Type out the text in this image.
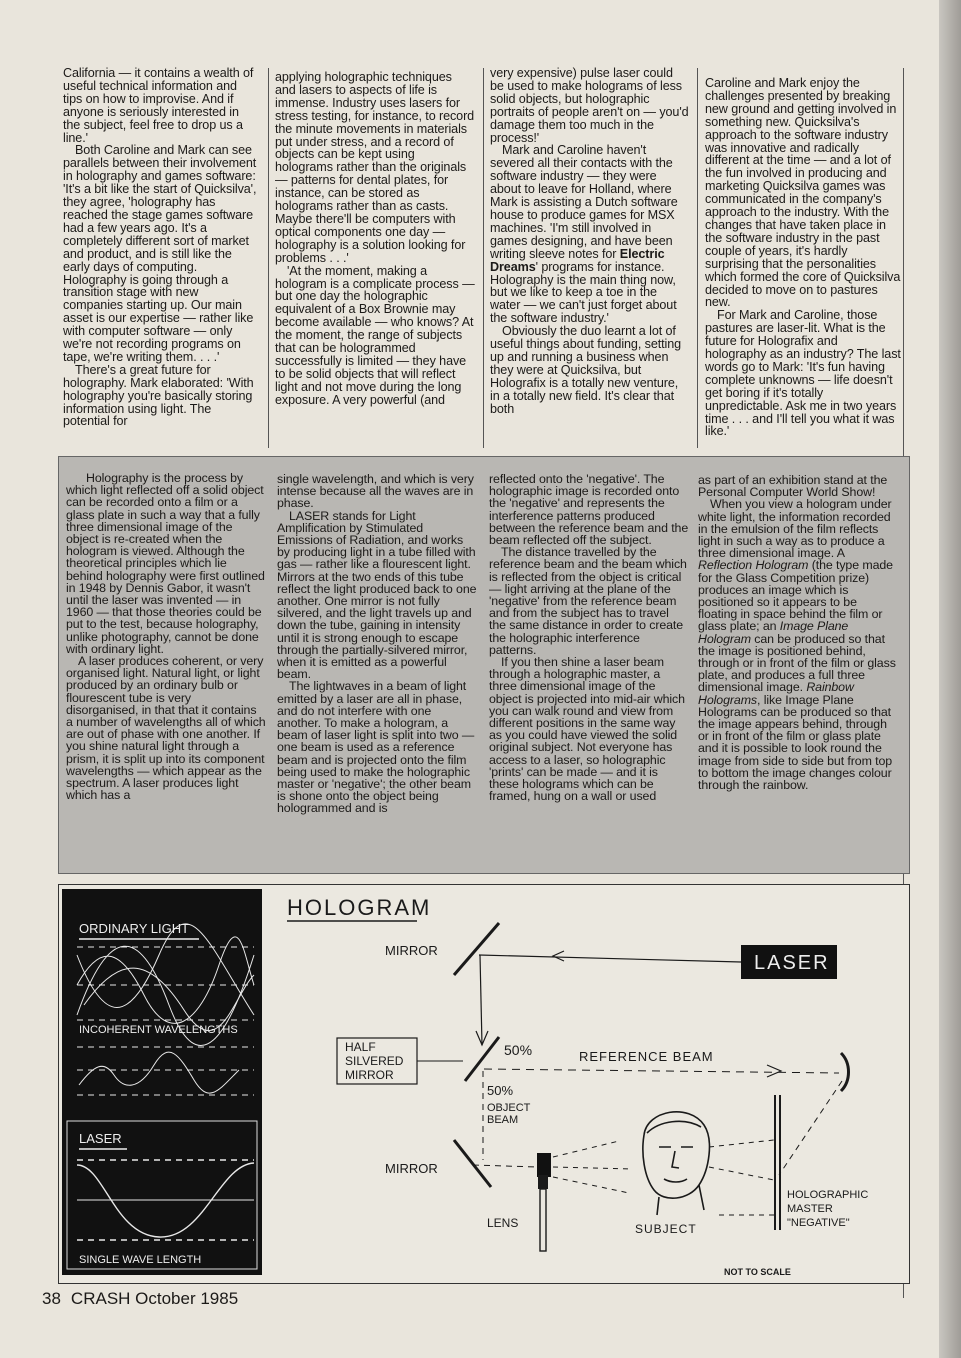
California — it contains a wealth of useful technical information and tips on how to improvise. And if anyone is seriously interested in the subject, feel free to drop us a line.'

Both Caroline and Mark can see parallels between their involvement in holography and games software: 'It's a bit like the start of Quicksilva', they agree, 'holography has reached the stage games software had a few years ago. It's a completely different sort of market and product, and is still like the early days of computing. Holography is going through a transition stage with new companies starting up. Our main asset is our expertise — rather like with computer software — only we're not recording programs on tape, we're writing them. . . .'

There's a great future for holography. Mark elaborated: 'With holography you're basically storing information using light. The potential for

applying holographic techniques and lasers to aspects of life is immense. Industry uses lasers for stress testing, for instance, to record the minute movements in materials put under stress, and a record of objects can be kept using holograms rather than the originals — patterns for dental plates, for instance, can be stored as holograms rather than as casts. Maybe there'll be computers with optical components one day — holography is a solution looking for problems . . .'

'At the moment, making a hologram is a complicate process — but one day the holographic equivalent of a Box Brownie may become available — who knows? At the moment, the range of subjects that can be hologrammed successfully is limited — they have to be solid objects that will reflect light and not move during the long exposure. A very powerful (and

very expensive) pulse laser could be used to make holograms of less solid objects, but holographic portraits of people aren't on — you'd damage them too much in the process!'

Mark and Caroline haven't severed all their contacts with the software industry — they were about to leave for Holland, where Mark is assisting a Dutch software house to produce games for MSX machines. 'I'm still involved in games designing, and have been writing sleeve notes for Electric Dreams' programs for instance. Holography is the main thing now, but we like to keep a toe in the water — we can't just forget about the software industry.'

Obviously the duo learnt a lot of useful things about funding, setting up and running a business when they were at Quicksilva, but Holografix is a totally new venture, in a totally new field. It's clear that both

Caroline and Mark enjoy the challenges presented by breaking new ground and getting involved in something new. Quicksilva's approach to the software industry was innovative and radically different at the time — and a lot of the fun involved in producing and marketing Quicksilva games was communicated in the company's approach to the industry. With the changes that have taken place in the software industry in the past couple of years, it's hardly surprising that the personalities which formed the core of Quicksilva decided to move on to pastures new.

For Mark and Caroline, those pastures are laser-lit. What is the future for Holografix and holography as an industry? The last words go to Mark: 'It's fun having complete unknowns — life doesn't get boring if it's totally unpredictable. Ask me in two years time . . . and I'll tell you what it was like.'

Holography is the process by which light reflected off a solid object can be recorded onto a film or a glass plate in such a way that a fully three dimensional image of the object is re-created when the hologram is viewed. Although the theoretical principles which lie behind holography were first outlined in 1948 by Dennis Gabor, it wasn't until the laser was invented — in 1960 — that those theories could be put to the test, because holography, unlike photography, cannot be done with ordinary light.

A laser produces coherent, or very organised light. Natural light, or light produced by an ordinary bulb or flourescent tube is very disorganised, in that that it contains a number of wavelengths all of which are out of phase with one another. If you shine natural light through a prism, it is split up into its component wavelengths — which appear as the spectrum. A laser produces light which has a

single wavelength, and which is very intense because all the waves are in phase.

LASER stands for Light Amplification by Stimulated Emissions of Radiation, and works by producing light in a tube filled with gas — rather like a flourescent light. Mirrors at the two ends of this tube reflect the light produced back to one another. One mirror is not fully silvered, and the light travels up and down the tube, gaining in intensity until it is strong enough to escape through the partially-silvered mirror, when it is emitted as a powerful beam.

The lightwaves in a beam of light emitted by a laser are all in phase, and do not interfere with one another. To make a hologram, a beam of laser light is split into two — one beam is used as a reference beam and is projected onto the film being used to make the holographic master or 'negative'; the other beam is shone onto the object being hologrammed and is

reflected onto the 'negative'. The holographic image is recorded onto the 'negative' and represents the interference patterns produced between the reference beam and the beam reflected off the subject.

The distance travelled by the reference beam and the beam which is reflected from the object is critical — light arriving at the plane of the 'negative' from the reference beam and from the subject has to travel the same distance in order to create the holographic interference patterns.

If you then shine a laser beam through a holographic master, a three dimensional image of the object is projected into mid-air which you can walk round and view from different positions in the same way as you could have viewed the solid original subject. Not everyone has access to a laser, so holographic 'prints' can be made — and it is these holograms which can be framed, hung on a wall or used

as part of an exhibition stand at the Personal Computer World Show!

When you view a hologram under white light, the information recorded in the emulsion of the film reflects light in such a way as to produce a three dimensional image. A Reflection Hologram (the type made for the Glass Competition prize) produces an image which is positioned so it appears to be floating in space behind the film or glass plate; an Image Plane Hologram can be produced so that the image is positioned behind, through or in front of the film or glass plate, and produces a full three dimensional image. Rainbow Holograms, like Image Plane Holograms can be produced so that the image appears behind, through or in front of the film or glass plate and it is possible to look round the image from side to side but from top to bottom the image changes colour through the rainbow.

ORDINARY LIGHT
INCOHERENT WAVELENGTHS
LASER
SINGLE WAVE LENGTH
HOLOGRAM
MIRROR
LASER
HALF
SILVERED
MIRROR
50%	REFERENCE BEAM
50%
OBJECT
BEAM
MIRROR
LENS	SUBJECT
HOLOGRAPHIC
MASTER
"NEGATIVE"
NOT TO SCALE
38 CRASH October 1985
